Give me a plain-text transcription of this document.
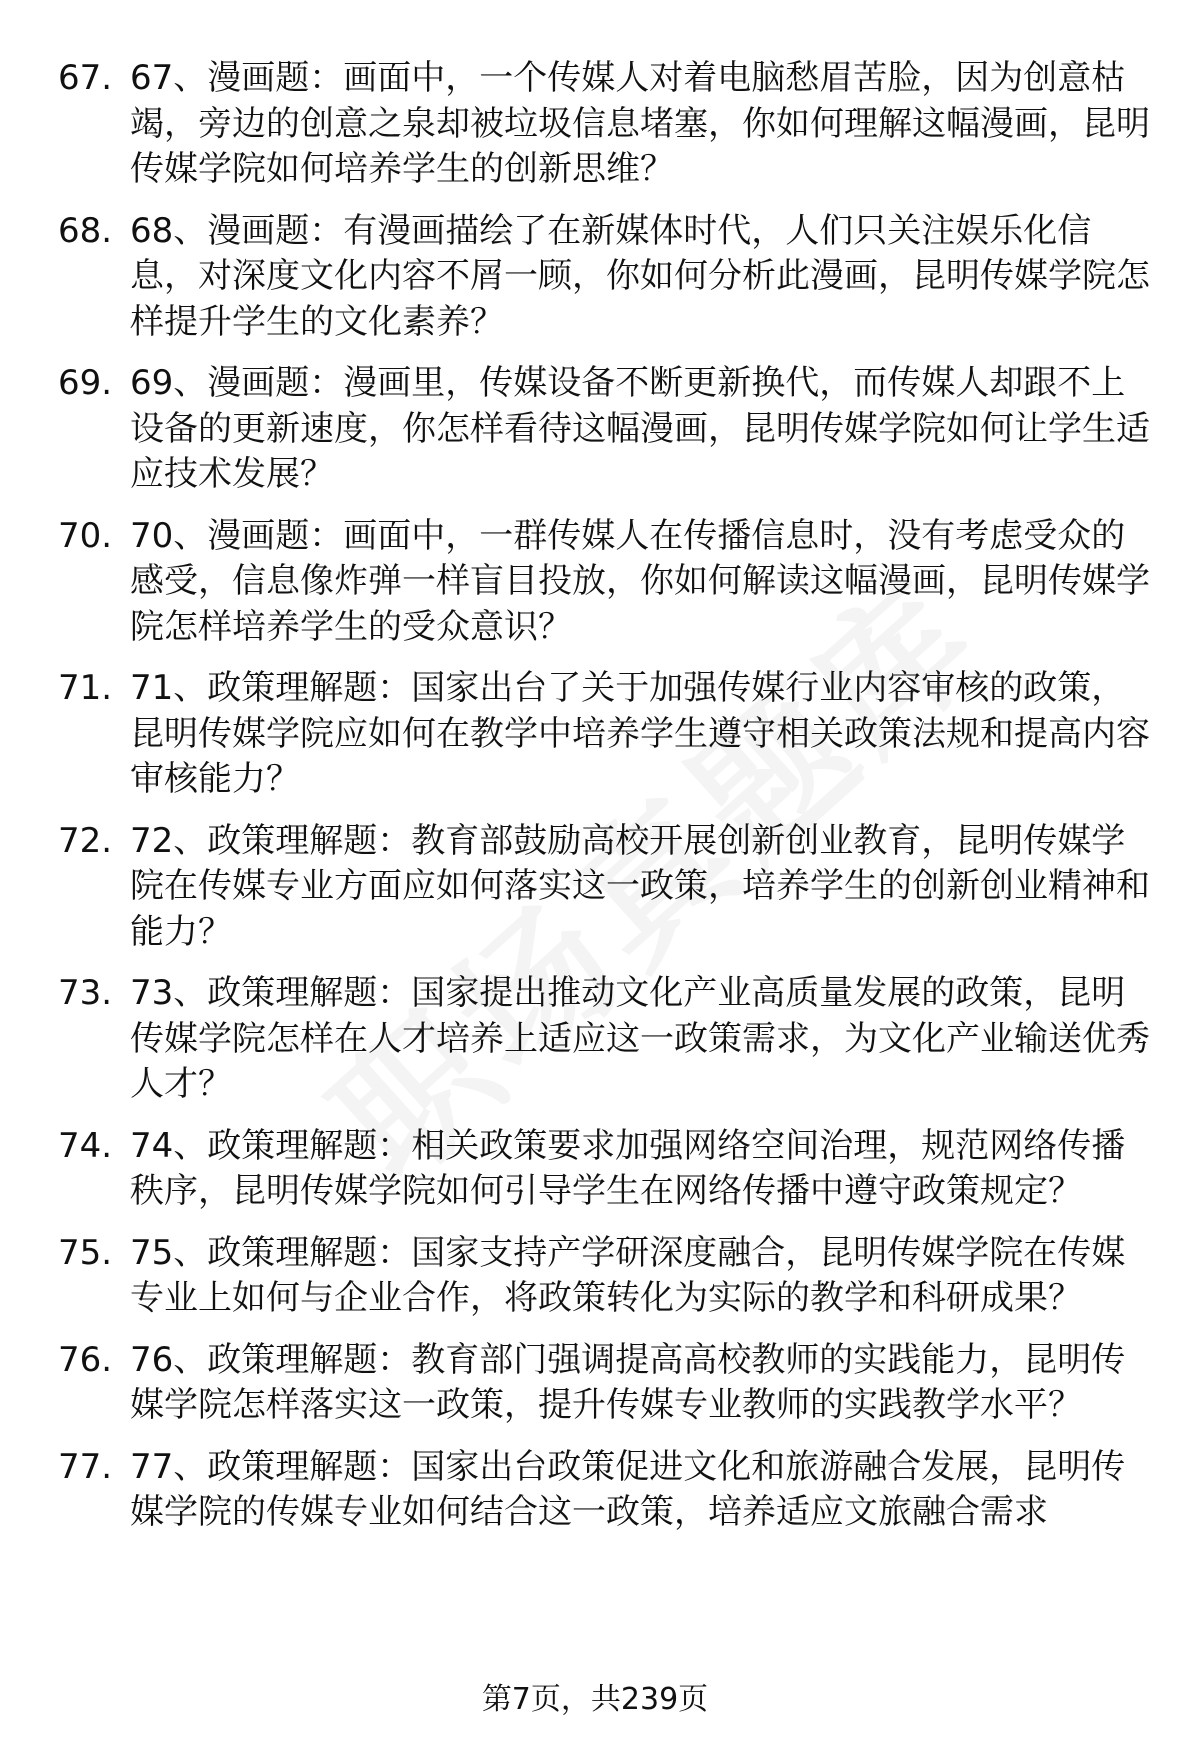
67. 67、漫画题：画面中，一个传媒人对着电脑愁眉苦脸，因为创意枯竭，旁边的创意之泉却被垃圾信息堵塞，你如何理解这幅漫画，昆明传媒学院如何培养学生的创新思维？
68. 68、漫画题：有漫画描绘了在新媒体时代，人们只关注娱乐化信息，对深度文化内容不屑一顾，你如何分析此漫画，昆明传媒学院怎样提升学生的文化素养？
69. 69、漫画题：漫画里，传媒设备不断更新换代，而传媒人却跟不上设备的更新速度，你怎样看待这幅漫画，昆明传媒学院如何让学生适应技术发展？
70. 70、漫画题：画面中，一群传媒人在传播信息时，没有考虑受众的感受，信息像炸弹一样盲目投放，你如何解读这幅漫画，昆明传媒学院怎样培养学生的受众意识？
71. 71、政策理解题：国家出台了关于加强传媒行业内容审核的政策，昆明传媒学院应如何在教学中培养学生遵守相关政策法规和提高内容审核能力？
72. 72、政策理解题：教育部鼓励高校开展创新创业教育，昆明传媒学院在传媒专业方面应如何落实这一政策，培养学生的创新创业精神和能力？
73. 73、政策理解题：国家提出推动文化产业高质量发展的政策，昆明传媒学院怎样在人才培养上适应这一政策需求，为文化产业输送优秀人才？
74. 74、政策理解题：相关政策要求加强网络空间治理，规范网络传播秩序，昆明传媒学院如何引导学生在网络传播中遵守政策规定？
75. 75、政策理解题：国家支持产学研深度融合，昆明传媒学院在传媒专业上如何与企业合作，将政策转化为实际的教学和科研成果？
76. 76、政策理解题：教育部门强调提高高校教师的实践能力，昆明传媒学院怎样落实这一政策，提升传媒专业教师的实践教学水平？
77. 77、政策理解题：国家出台政策促进文化和旅游融合发展，昆明传媒学院的传媒专业如何结合这一政策，培养适应文旅融合需求
第7页，共239页
